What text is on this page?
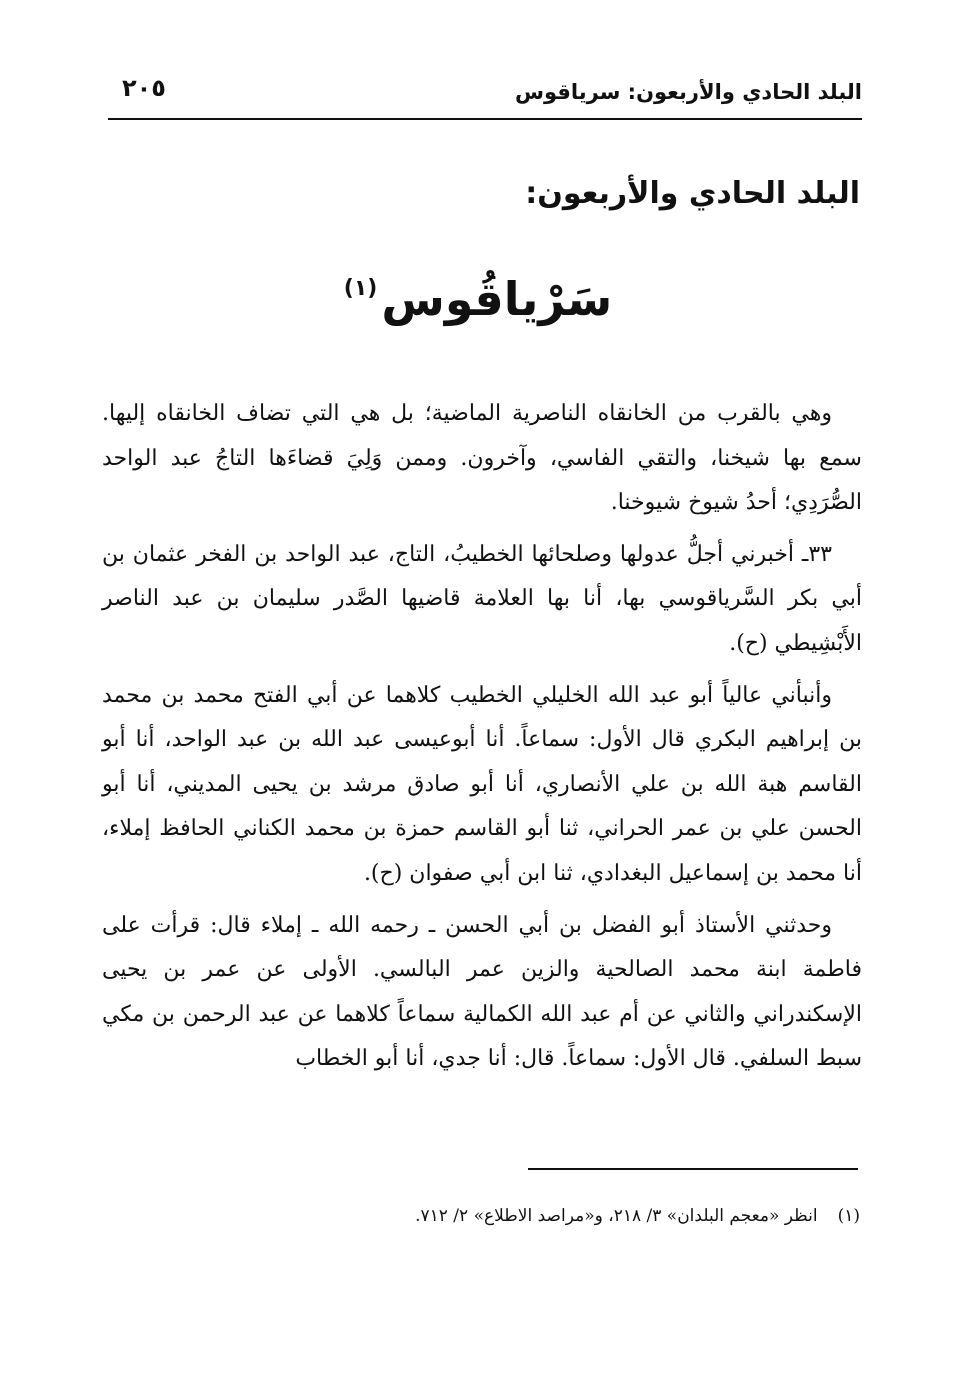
البلد الحادي والأربعون: سرياقوس
٢٠٥
البلد الحادي والأربعون:
سَرْياقُوس(١)

وهي بالقرب من الخانقاه الناصرية الماضية؛ بل هي التي تضاف الخانقاه إليها. سمع بها شيخنا، والتقي الفاسي، وآخرون. وممن وَلِيَ قضاءَها التاجُ عبد الواحد الصُّرَدِي؛ أحدُ شيوخ شيوخنا.

٣٣ـ أخبرني أجلُّ عدولها وصلحائها الخطيبُ، التاج، عبد الواحد بن الفخر عثمان بن أبي بكر السَّرياقوسي بها، أنا بها العلامة قاضيها الصَّدر سليمان بن عبد الناصر الأَبْشِيطي (ح).

وأنبأني عالياً أبو عبد الله الخليلي الخطيب كلاهما عن أبي الفتح محمد بن محمد بن إبراهيم البكري قال الأول: سماعاً. أنا أبوعيسى عبد الله بن عبد الواحد، أنا أبو القاسم هبة الله بن علي الأنصاري، أنا أبو صادق مرشد بن يحيى المديني، أنا أبو الحسن علي بن عمر الحراني، ثنا أبو القاسم حمزة بن محمد الكناني الحافظ إملاء، أنا محمد بن إسماعيل البغدادي، ثنا ابن أبي صفوان (ح).

وحدثني الأستاذ أبو الفضل بن أبي الحسن ـ رحمه الله ـ إملاء قال: قرأت على فاطمة ابنة محمد الصالحية والزين عمر البالسي. الأولى عن عمر بن يحيى الإسكندراني والثاني عن أم عبد الله الكمالية سماعاً كلاهما عن عبد الرحمن بن مكي سبط السلفي. قال الأول: سماعاً. قال: أنا جدي، أنا أبو الخطاب

(١)انظر «معجم البلدان» ٣/ ٢١٨، و«مراصد الاطلاع» ٢/ ٧١٢.
